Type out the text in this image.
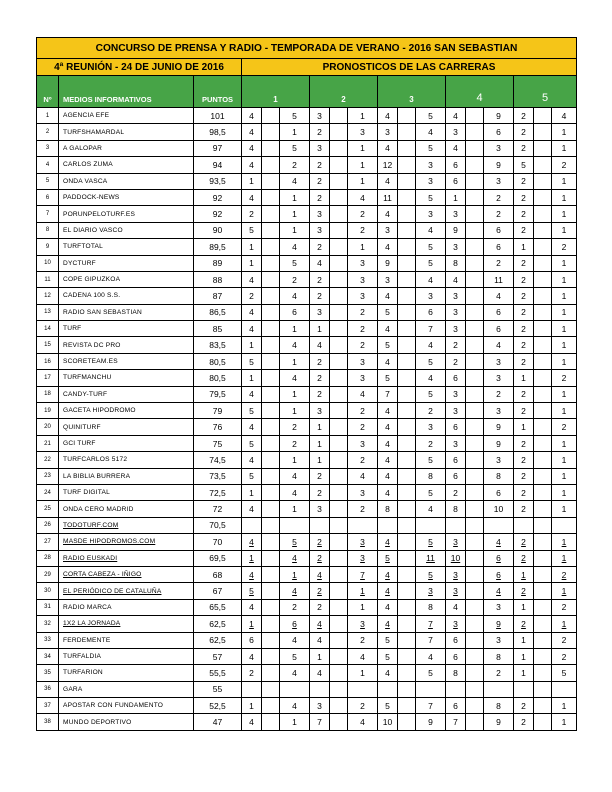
CONCURSO DE PRENSA Y RADIO - TEMPORADA DE VERANO - 2016 SAN SEBASTIAN																	
4ª REUNIÓN - 24 DE JUNIO DE 2016			PRONOSTICOS DE LAS CARRERAS														
Nº	MEDIOS INFORMATIVOS	PUNTOS	1			2			3			4			5		
1	AGENCIA EFE	101	4		5	3		1	4		5	4		9	2		4
2	TURFSHAMARDAL	98,5	4		1	2		3	3		4	3		6	2		1
3	A GALOPAR	97	4		5	3		1	4		5	4		3	2		1
4	CARLOS ZUMA	94	4		2	2		1	12		3	6		9	5		2
5	ONDA VASCA	93,5	1		4	2		1	4		3	6		3	2		1
6	PADDOCK-NEWS	92	4		1	2		4	11		5	1		2	2		1
7	PORUNPELOTURF.ES	92	2		1	3		2	4		3	3		2	2		1
8	EL DIARIO VASCO	90	5		1	3		2	3		4	9		6	2		1
9	TURFTOTAL	89,5	1		4	2		1	4		5	3		6	1		2
10	DYCTURF	89	1		5	4		3	9		5	8		2	2		1
11	COPE GIPUZKOA	88	4		2	2		3	3		4	4		11	2		1
12	CADENA 100 S.S.	87	2		4	2		3	4		3	3		4	2		1
13	RADIO SAN SEBASTIAN	86,5	4		6	3		2	5		6	3		6	2		1
14	TURF	85	4		1	1		2	4		7	3		6	2		1
15	REVISTA DC PRO	83,5	1		4	4		2	5		4	2		4	2		1
16	SCORETEAM.ES	80,5	5		1	2		3	4		5	2		3	2		1
17	TURFMANCHU	80,5	1		4	2		3	5		4	6		3	1		2
18	CANDY-TURF	79,5	4		1	2		4	7		5	3		2	2		1
19	GACETA HIPODROMO	79	5		1	3		2	4		2	3		3	2		1
20	QUINITURF	76	4		2	1		2	4		3	6		9	1		2
21	GCI TURF	75	5		2	1		3	4		2	3		9	2		1
22	TURFCARLOS 5172	74,5	4		1	1		2	4		5	6		3	2		1
23	LA BIBLIA BURRERA	73,5	5		4	2		4	4		8	6		8	2		1
24	TURF DIGITAL	72,5	1		4	2		3	4		5	2		6	2		1
25	ONDA CERO MADRID	72	4		1	3		2	8		4	8		10	2		1
26	TODOTURF.COM	70,5															
27	MASDE HIPODROMOS.COM	70	4		5	2		3	4		5	3		4	2		1
28	RADIO EUSKADI	69,5	1		4	2		3	5		11	10		6	2		1
29	CORTA CABEZA - IÑIGO	68	4		1	4		7	4		5	3		6	1		2
30	EL PERIÓDICO DE CATALUÑA	67	5		4	2		1	4		3	3		4	2		1
31	RADIO MARCA	65,5	4		2	2		1	4		8	4		3	1		2
32	1X2 LA JORNADA	62,5	1		6	4		3	4		7	3		9	2		1
33	FERDEMENTE	62,5	6		4	4		2	5		7	6		3	1		2
34	TURFALDIA	57	4		5	1		4	5		4	6		8	1		2
35	TURFARION	55,5	2		4	4		1	4		5	8		2	1		5
36	GARA	55															
37	APOSTAR CON FUNDAMENTO	52,5	1		4	3		2	5		7	6		8	2		1
38	MUNDO DEPORTIVO	47	4		1	7		4	10		9	7		9	2		1
